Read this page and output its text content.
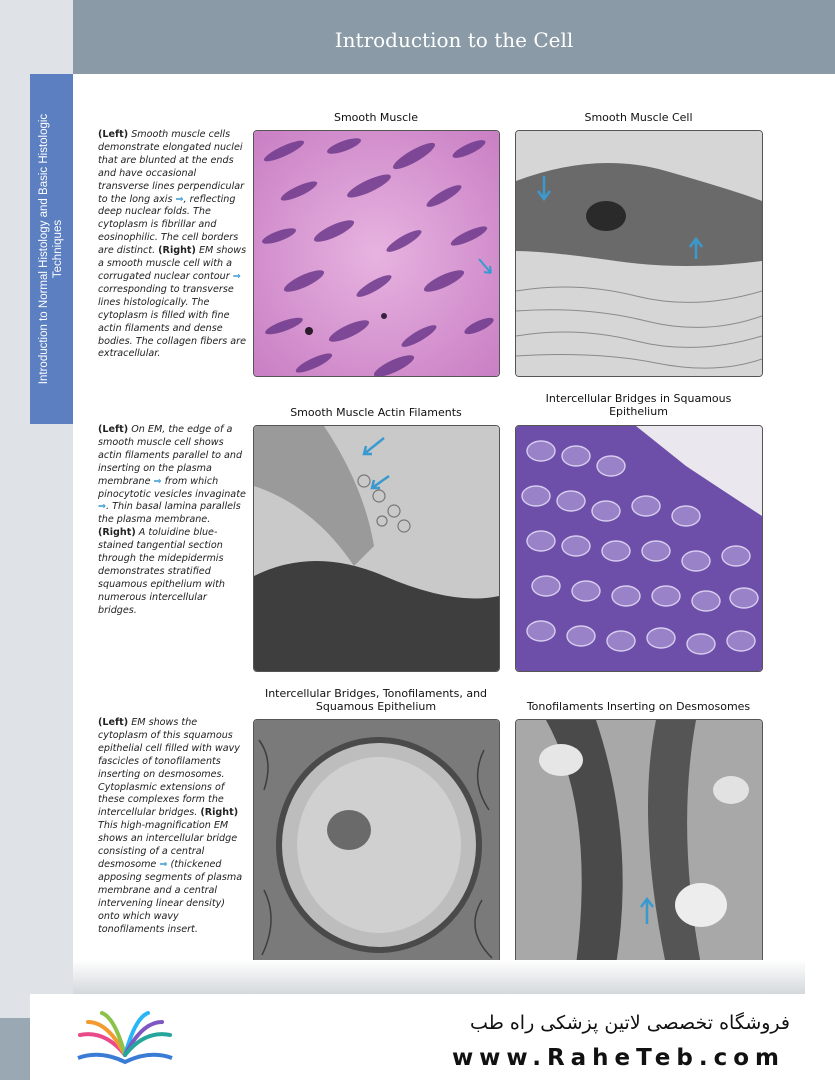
Introduction to the Cell
Introduction to Normal Histology and Basic Histologic Techniques
(Left) Smooth muscle cells demonstrate elongated nuclei that are blunted at the ends and have occasional transverse lines perpendicular to the long axis ⇒, reflecting deep nuclear folds. The cytoplasm is fibrillar and eosinophilic. The cell borders are distinct. (Right) EM shows a smooth muscle cell with a corrugated nuclear contour ⇒ corresponding to transverse lines histologically. The cytoplasm is filled with fine actin filaments and dense bodies. The collagen fibers are extracellular.
Smooth Muscle	Smooth Muscle Cell
(Left) On EM, the edge of a smooth muscle cell shows actin filaments parallel to and inserting on the plasma membrane ⇒ from which pinocytotic vesicles invaginate ⇒. Thin basal lamina parallels the plasma membrane. (Right) A toluidine blue-stained tangential section through the midepidermis demonstrates stratified squamous epithelium with numerous intercellular bridges.
Smooth Muscle Actin Filaments
Intercellular Bridges in Squamous Epithelium
(Left) EM shows the cytoplasm of this squamous epithelial cell filled with wavy fascicles of tonofilaments inserting on desmosomes. Cytoplasmic extensions of these complexes form the intercellular bridges. (Right) This high-magnification EM shows an intercellular bridge consisting of a central desmosome ⇒ (thickened apposing segments of plasma membrane and a central intervening linear density) onto which wavy tonofilaments insert.
Intercellular Bridges, Tonofilaments, and Squamous Epithelium	Tonofilaments Inserting on Desmosomes
فروشگاه تخصصی لاتین پزشکی راه طب
www.RaheTeb.com
